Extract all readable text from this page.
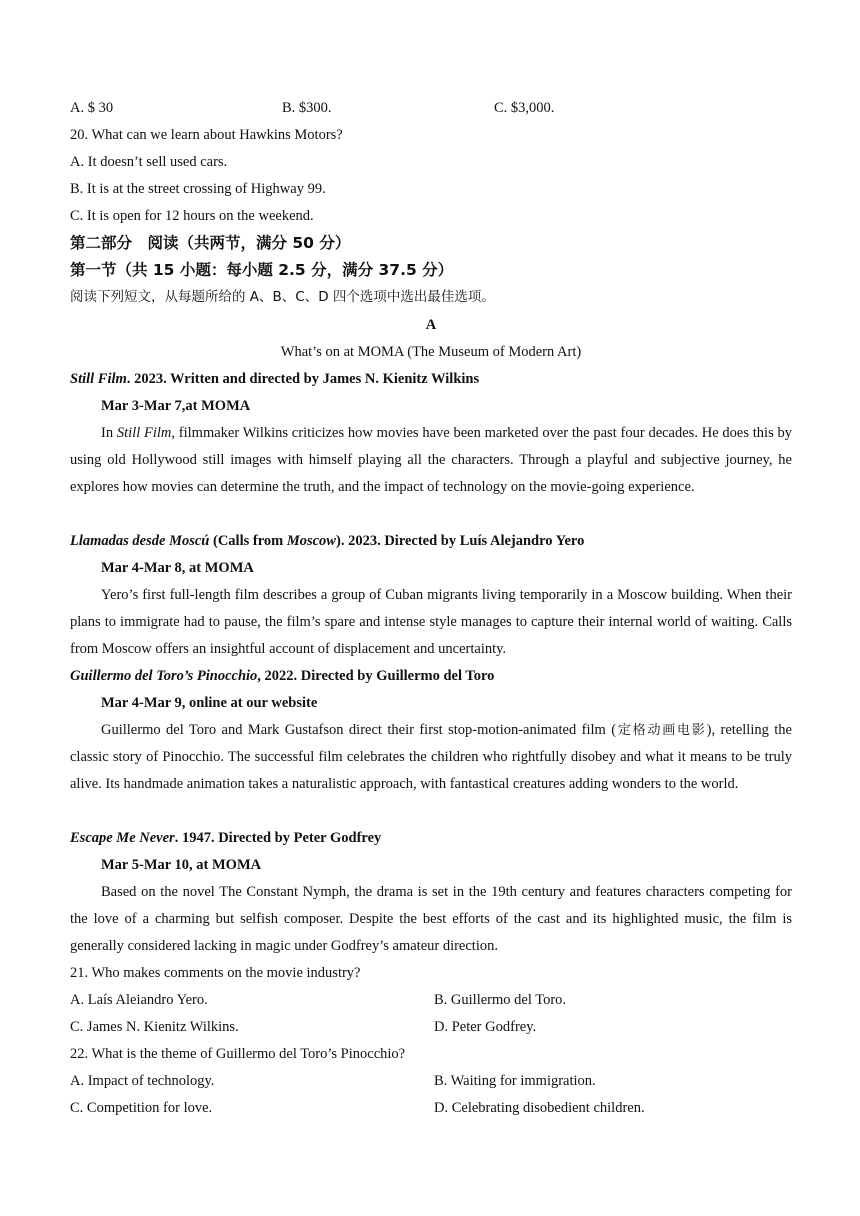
A. $ 30	B. $300.	C. $3,000.
20. What can we learn about Hawkins Motors?
A. It doesn’t sell used cars.
B. It is at the street crossing of Highway 99.
C. It is open for 12 hours on the weekend.
第二部分　阅读（共两节，满分 50 分）
第一节（共 15 小题：每小题 2.5 分，满分 37.5 分）
阅读下列短文，从每题所给的 A、B、C、D 四个选项中选出最佳选项。
A
What’s on at MOMA (The Museum of Modern Art)
Still Film. 2023. Written and directed by James N. Kienitz Wilkins
Mar 3-Mar 7,at MOMA

In Still Film, filmmaker Wilkins criticizes how movies have been marketed over the past four decades. He does this by using old Hollywood still images with himself playing all the characters. Through a playful and subjective journey, he explores how movies can determine the truth, and the impact of technology on the movie-going experience.

Llamadas desde Moscú (Calls from Moscow). 2023. Directed by Luís Alejandro Yero
Mar 4-Mar 8, at MOMA

Yero’s first full-length film describes a group of Cuban migrants living temporarily in a Moscow building. When their plans to immigrate had to pause, the film’s spare and intense style manages to capture their internal world of waiting. Calls from Moscow offers an insightful account of displacement and uncertainty.

Guillermo del Toro’s Pinocchio, 2022. Directed by Guillermo del Toro
Mar 4-Mar 9, online at our website

Guillermo del Toro and Mark Gustafson direct their first stop-motion-animated film (定格动画电影), retelling the classic story of Pinocchio. The successful film celebrates the children who rightfully disobey and what it means to be truly alive. Its handmade animation takes a naturalistic approach, with fantastical creatures adding wonders to the world.

Escape Me Never. 1947. Directed by Peter Godfrey
Mar 5-Mar 10, at MOMA

Based on the novel The Constant Nymph, the drama is set in the 19th century and features characters competing for the love of a charming but selfish composer. Despite the best efforts of the cast and its highlighted music, the film is generally considered lacking in magic under Godfrey’s amateur direction.

21. Who makes comments on the movie industry?
A. Laís Aleiandro Yero.	B. Guillermo del Toro.
C. James N. Kienitz Wilkins.	D. Peter Godfrey.
22. What is the theme of Guillermo del Toro’s Pinocchio?
A. Impact of technology.	B. Waiting for immigration.
C. Competition for love.	D. Celebrating disobedient children.
